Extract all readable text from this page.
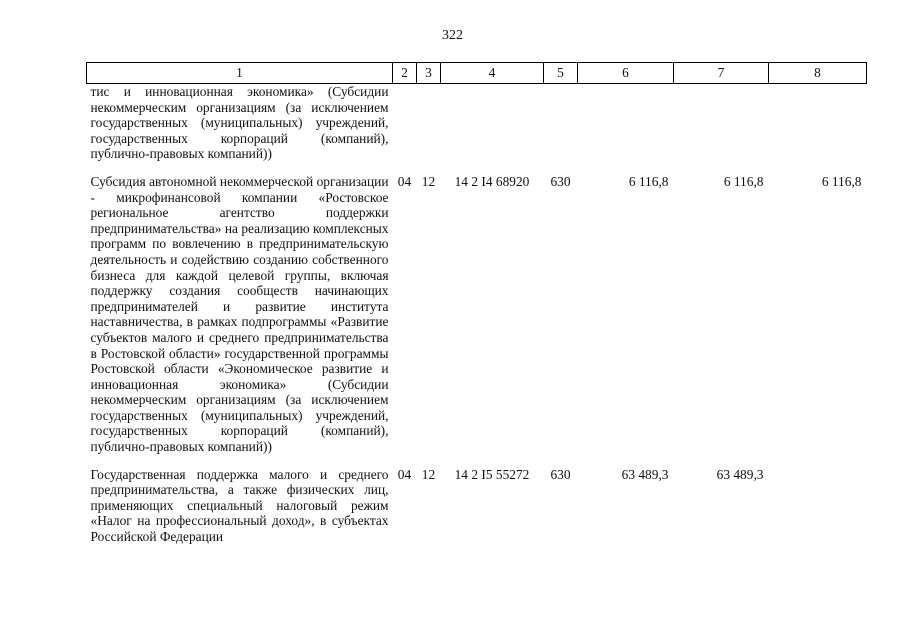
322
1	2	3	4	5	6	7	8
тис и инновационная экономика» (Субсидии некоммерческим организациям (за исключением государственных (муниципальных) учреждений, государственных корпораций (компаний), публично-правовых компаний))							
Субсидия автономной некоммерческой организации - микрофинансовой компании «Ростовское региональное агентство поддержки предпринимательства» на реализацию комплексных программ по вовлечению в предпринимательскую деятельность и содействию созданию собственного бизнеса для каждой целевой группы, включая поддержку создания сообществ начинающих предпринимателей и развитие института наставничества, в рамках подпрограммы «Развитие субъектов малого и среднего предпринимательства в Ростовской области» государственной программы Ростовской области «Экономическое развитие и инновационная экономика» (Субсидии некоммерческим организациям (за исключением государственных (муниципальных) учреждений, государственных корпораций (компаний), публично-правовых компаний))	04	12	14 2 I4 68920	630	6 116,8	6 116,8	6 116,8
Государственная поддержка малого и среднего предпринимательства, а также физических лиц, применяющих специальный налоговый режим «Налог на профессиональный доход», в субъектах Российской Федерации	04	12	14 2 I5 55272	630	63 489,3	63 489,3	
